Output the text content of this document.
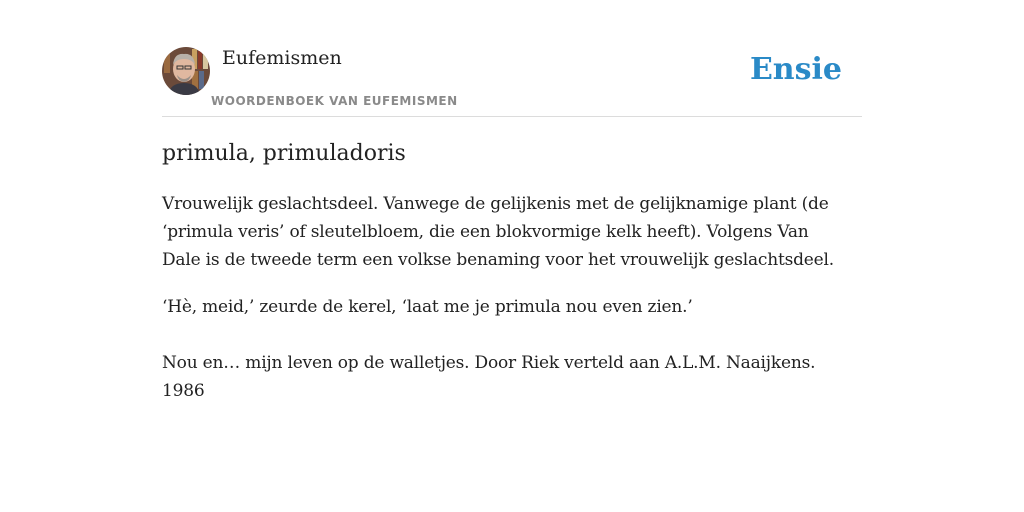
Eufemismen
WOORDENBOEK VAN EUFEMISMEN
Ensie
primula, primuladoris

Vrouwelijk geslachtsdeel. Vanwege de gelijkenis met de gelijknamige plant (de ‘primula veris’ of sleutelbloem, die een blokvormige kelk heeft). Volgens Van Dale is de tweede term een volkse benaming voor het vrouwelijk geslachtsdeel.

‘Hè, meid,’ zeurde de kerel, ‘laat me je primula nou even zien.’

Nou en… mijn leven op de walletjes. Door Riek verteld aan A.L.M. Naaijkens. 1986
